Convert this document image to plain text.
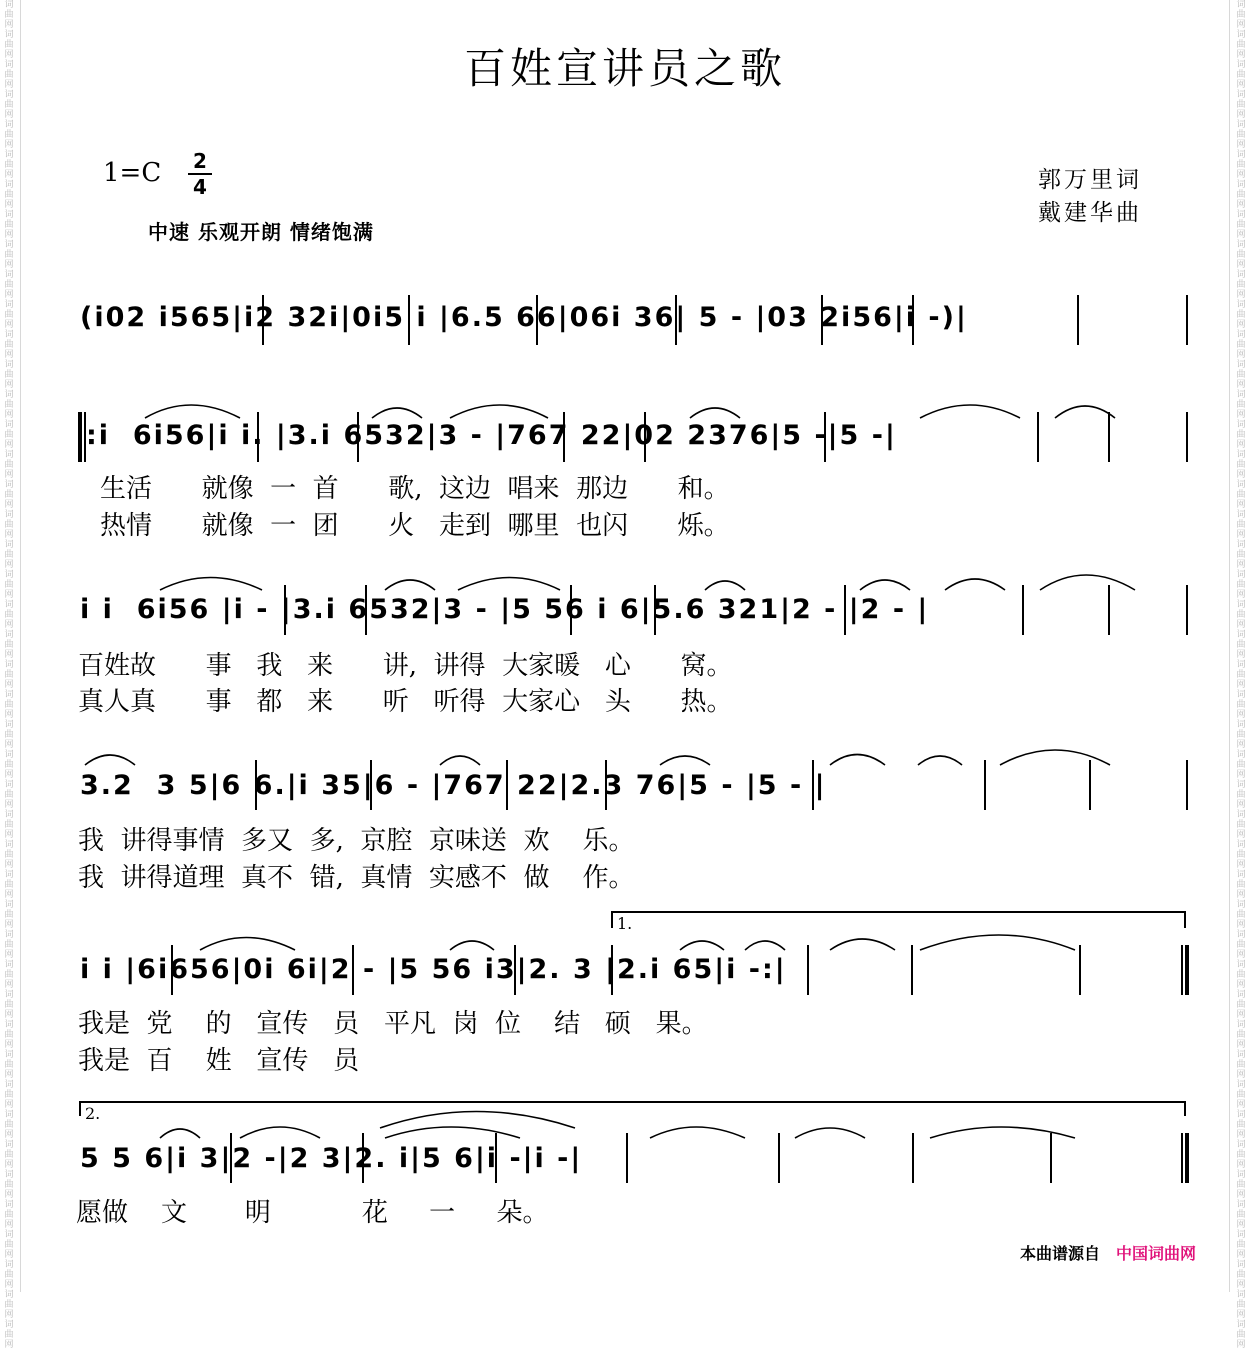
词曲网词曲网词曲网词曲网词曲网词曲网词曲网词曲网词曲网词曲网词曲网词曲网词曲网词曲网词曲网词曲网词曲网词曲网词曲网词曲网词曲网词曲网词曲网词曲网词曲网词曲网词曲网词曲网词曲网词曲网词曲网词曲网词曲网词曲网词曲网词曲网词曲网词曲网词曲网词曲网词曲网词曲网词曲网词曲网词曲网
词曲网词曲网词曲网词曲网词曲网词曲网词曲网词曲网词曲网词曲网词曲网词曲网词曲网词曲网词曲网词曲网词曲网词曲网词曲网词曲网词曲网词曲网词曲网词曲网词曲网词曲网词曲网词曲网词曲网词曲网词曲网词曲网词曲网词曲网词曲网词曲网词曲网词曲网词曲网词曲网词曲网词曲网词曲网词曲网词曲网
百姓宣讲员之歌
1=C 2
4
中速 乐观开朗 情绪饱满
郭万里词
戴建华曲
(i02 i565|i2 32i|0i5 i |6.5 66|06i 36| 5 - |03 2i56|i -)|
:i  6i56|i i. |3.i 6532|3 - |767 22|02 2376|5 -|5 -|
生活      就像  一  首      歌,  这边  唱来  那边      和。
热情      就像  一  团      火   走到  哪里  也闪      烁。
i i  6i56 |i - |3.i 6532|3 - |5 56 i 6|5.6 321|2 - |2 - |
百姓故      事   我   来      讲,  讲得  大家暖   心      窝。
真人真      事   都   来      听   听得  大家心   头      热。
3.2  3 5|6 6.|i 35|6 - |767 22|2.3 76|5 - |5 - |
我  讲得事情  多又  多,  京腔  京味送  欢    乐。
我  讲得道理  真不  错,  真情  实感不  做    作。
1.
i i |6i656|0i 6i|2 - |5 56 i3|2. 3 |2.i 65|i -:|
我是  党    的   宣传   员   平凡  岗  位    结   硕   果。
我是  百    姓   宣传   员
2.
5 5 6|i 3|2 -|2 3|2. i|5 6|i -|i -|
愿做    文       明           花     一     朵。
本曲谱源自 中国词曲网
